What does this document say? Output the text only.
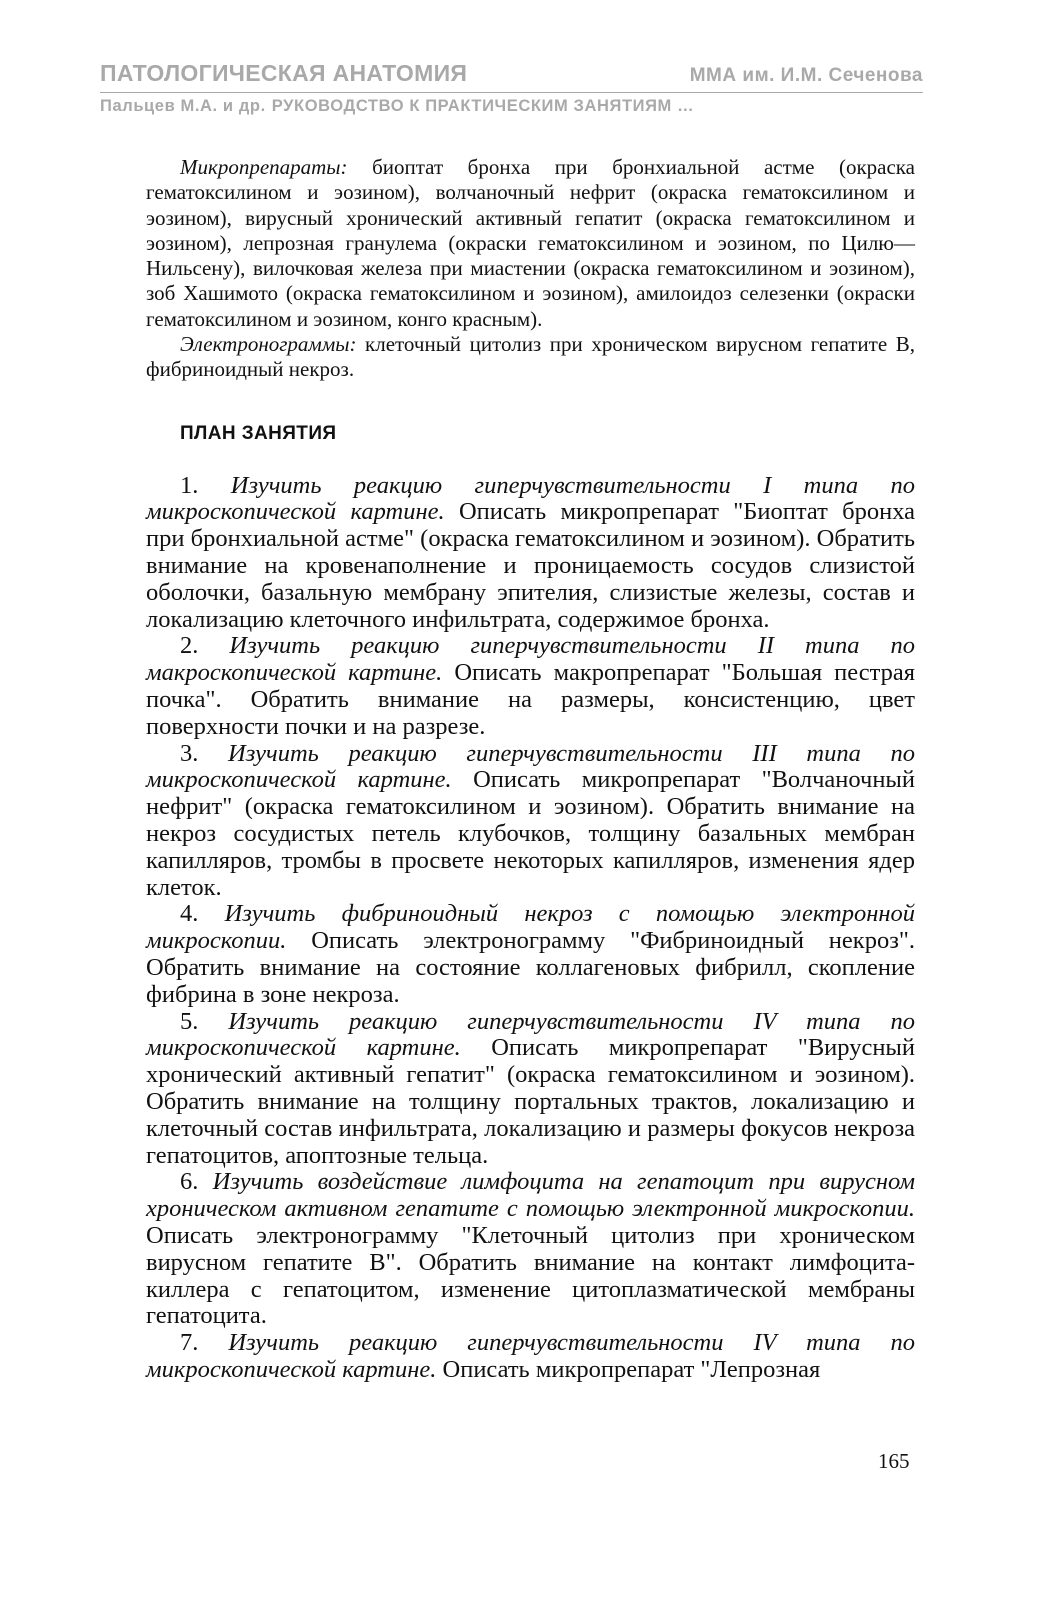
ПАТОЛОГИЧЕСКАЯ АНАТОМИЯ	ММА им. И.М. Сеченова
Пальцев М.А. и др. РУКОВОДСТВО К ПРАКТИЧЕСКИМ ЗАНЯТИЯМ …

Микропрепараты: биоптат бронха при бронхиальной астме (окраска гематоксилином и эозином), волчаночный нефрит (окраска гематоксилином и эозином), вирусный хронический активный гепатит (окраска гематоксилином и эозином), лепрозная гранулема (окраски гематоксилином и эозином, по Цилю—Нильсену), вилочковая железа при миастении (окраска гематоксилином и эозином), зоб Хашимото (окраска гематоксилином и эозином), амилоидоз селезенки (окраски гематоксилином и эозином, конго красным).

Электронограммы: клеточный цитолиз при хроническом вирусном гепатите В, фибриноидный некроз.

ПЛАН ЗАНЯТИЯ

1. Изучить реакцию гиперчувствительности I типа по микроскопической картине. Описать микропрепарат "Биоптат бронха при бронхиальной астме" (окраска гематоксилином и эозином). Обратить внимание на кровенаполнение и проницаемость сосудов слизистой оболочки, базальную мембрану эпителия, слизистые железы, состав и локализацию клеточного инфильтрата, содержимое бронха.

2. Изучить реакцию гиперчувствительности II типа по макроскопической картине. Описать макропрепарат "Большая пестрая почка". Обратить внимание на размеры, консистенцию, цвет поверхности почки и на разрезе.

3. Изучить реакцию гиперчувствительности III типа по микроскопической картине. Описать микропрепарат "Волчаночный нефрит" (окраска гематоксилином и эозином). Обратить внимание на некроз сосудистых петель клубочков, толщину базальных мембран капилляров, тромбы в просвете некоторых капилляров, изменения ядер клеток.

4. Изучить фибриноидный некроз с помощью электронной микроскопии. Описать электронограмму "Фибриноидный некроз". Обратить внимание на состояние коллагеновых фибрилл, скопление фибрина в зоне некроза.

5. Изучить реакцию гиперчувствительности IV типа по микроскопической картине. Описать микропрепарат "Вирусный хронический активный гепатит" (окраска гематоксилином и эозином). Обратить внимание на толщину портальных трактов, локализацию и клеточный состав инфильтрата, локализацию и размеры фокусов некроза гепатоцитов, апоптозные тельца.

6. Изучить воздействие лимфоцита на гепатоцит при вирусном хроническом активном гепатите с помощью электронной микроскопии. Описать электронограмму "Клеточный цитолиз при хроническом вирусном гепатите В". Обратить внимание на контакт лимфоцита-киллера с гепатоцитом, изменение цитоплазматической мембраны гепатоцита.

7. Изучить реакцию гиперчувствительности IV типа по микроскопической картине. Описать микропрепарат "Лепрозная

165
